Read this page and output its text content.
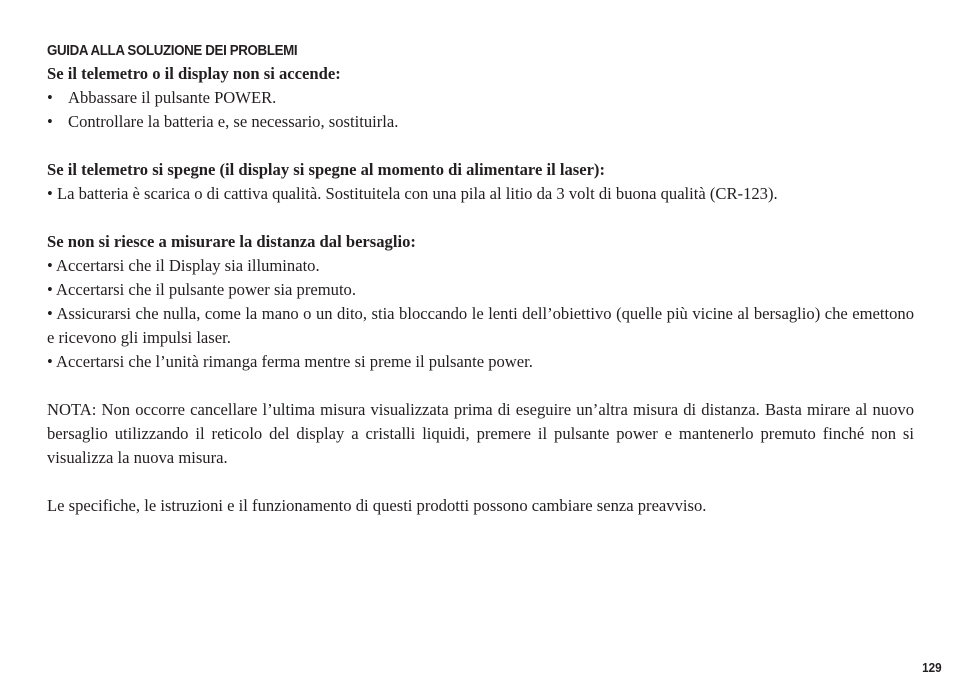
GUIDA ALLA SOLUZIONE DEI PROBLEMI

Se il telemetro o il display non si accende:

• Abbassare il pulsante POWER.
• Controllare la batteria e, se necessario, sostituirla.

Se il telemetro si spegne (il display si spegne al momento di alimentare il laser):

• La batteria è scarica o di cattiva qualità. Sostituitela con una pila al litio da 3 volt di buona qualità (CR-123).

Se non si riesce a misurare la distanza dal bersaglio:

• Accertarsi che il Display sia illuminato.

• Accertarsi che il pulsante power sia premuto.

• Assicurarsi che nulla, come la mano o un dito, stia bloccando le lenti dell’obiettivo (quelle più vicine al bersaglio) che emettono e ricevono gli impulsi laser.

• Accertarsi che l’unità rimanga ferma mentre si preme il pulsante power.

NOTA: Non occorre cancellare l’ultima misura visualizzata prima di eseguire un’altra misura di distanza. Basta mirare al nuovo bersaglio utilizzando il reticolo del display a cristalli liquidi, premere il pulsante power e mantenerlo premuto finché non si visualizza la nuova misura.

Le specifiche, le istruzioni e il funzionamento di questi prodotti possono cambiare senza preavviso.

129
